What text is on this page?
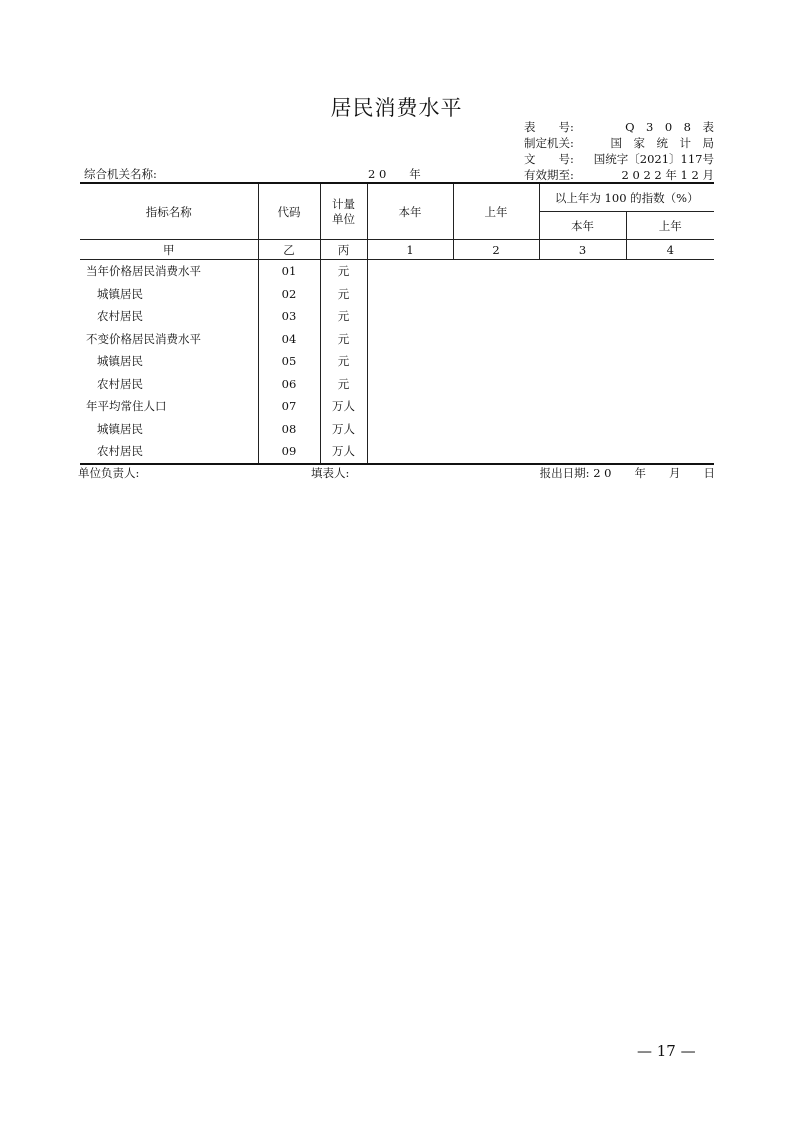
居民消费水平
表　　号:	Q　3　0　8　表
制定机关:	国　家　统　计　局
文　　号: 国统字〔2021〕117号
有效期至:	2 0 2 2 年 1 2 月
综合机关名称:	2 0　　年
指标名称	代码	计量单位	本年	上年	以上年为 100 的指数（%）	
					本年	上年
甲	乙	丙	1	2	3	4
当年价格居民消费水平	01	元				
城镇居民	02	元				
农村居民	03	元				
不变价格居民消费水平	04	元				
城镇居民	05	元				
农村居民	06	元				
年平均常住人口	07	万人				
城镇居民	08	万人				
农村居民	09	万人				
单位负责人:	填表人:	报出日期: 2 0　　年　　月　　日
— 17 —
